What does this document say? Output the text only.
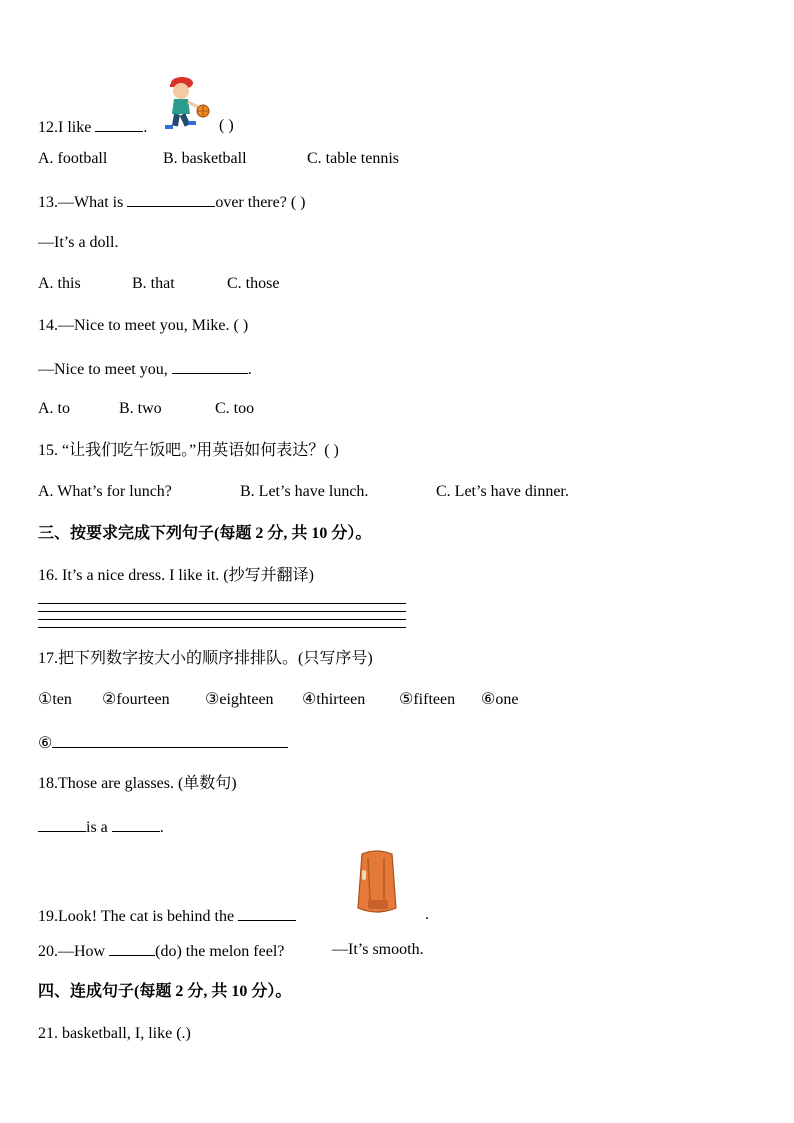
12.I like	.	( )
A. football	B. basketball	C. table tennis
13.—What is	over there? ( )
—It’s a doll.
A. this	B. that	C. those
14.—Nice to meet you, Mike. ( )
—Nice to meet you,	.
A. to	B. two	C. too
15. “让我们吃午饭吧。”用英语如何表达？( )
A. What’s for lunch?	B. Let’s have lunch.	C. Let’s have dinner.
三、按要求完成下列句子(每题 2 分, 共 10 分）。
16. It’s a nice dress. I like it. (抄写并翻译)
17.把下列数字按大小的顺序排排队。(只写序号)
①ten ②fourteen ③eighteen ④thirteen ⑤fifteen ⑥one
⑥
18.Those are glasses. (单数句)
is a	.
19.Look! The cat is behind the	.
20.—How	(do) the melon feel?	—It’s smooth.
四、连成句子(每题 2 分, 共 10 分）。
21. basketball, I, like (.)
